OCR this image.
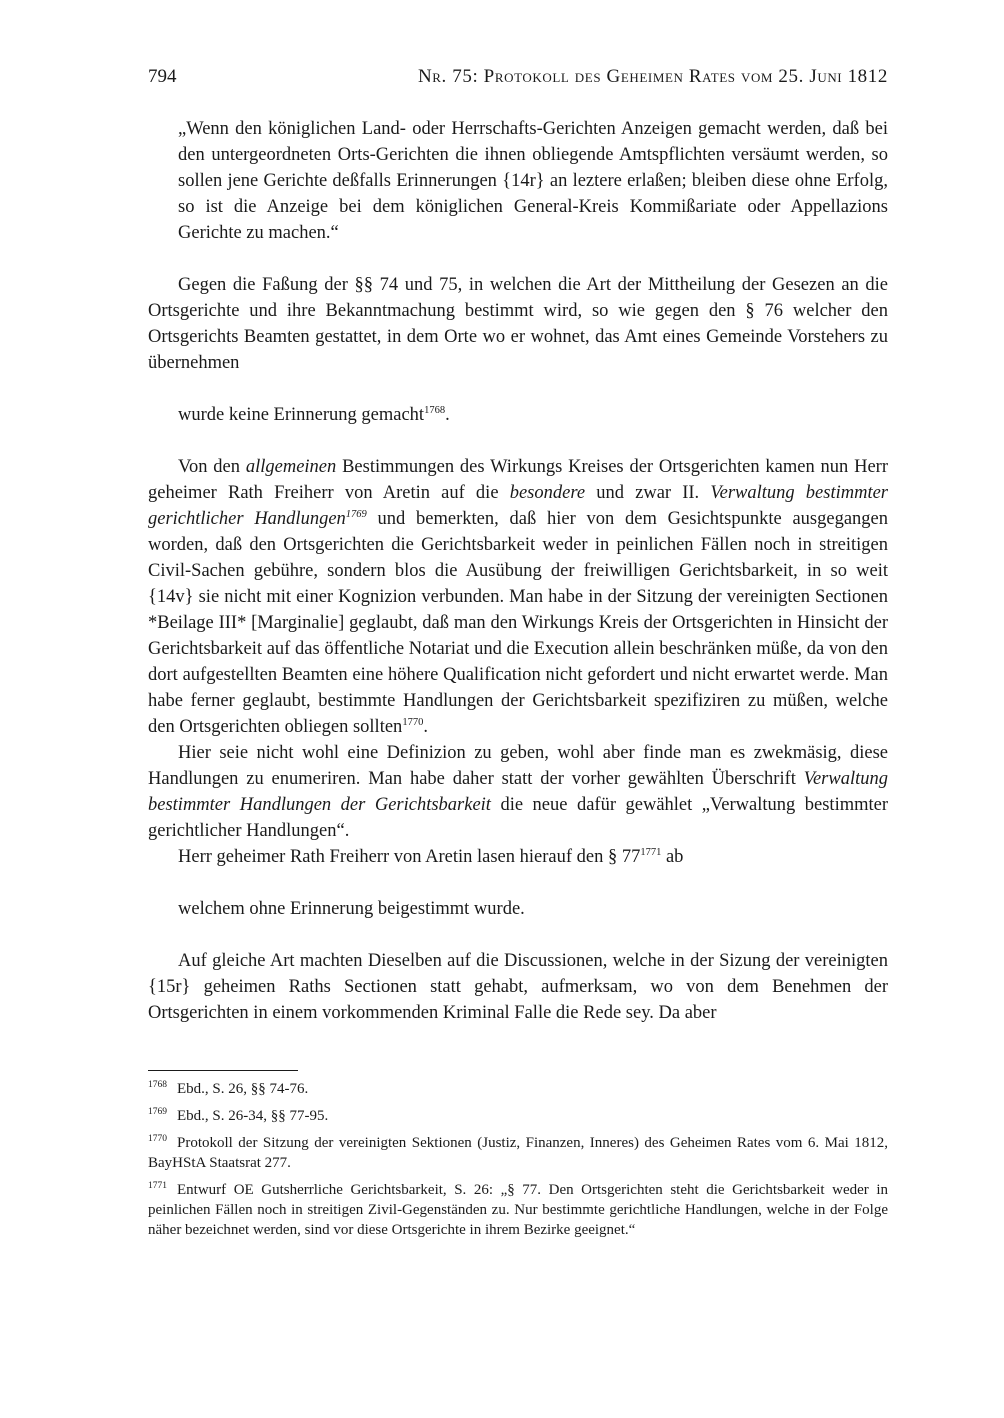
794	Nr. 75: Protokoll des Geheimen Rates vom 25. Juni 1812

„Wenn den königlichen Land- oder Herrschafts-Gerichten Anzeigen gemacht werden, daß bei den untergeordneten Orts-Gerichten die ihnen obliegende Amtspflichten versäumt werden, so sollen jene Gerichte deßfalls Erinnerungen {14r} an leztere erlaßen; bleiben diese ohne Erfolg, so ist die Anzeige bei dem königlichen General-Kreis Kommißariate oder Appellazions Gerichte zu machen.“

Gegen die Faßung der §§ 74 und 75, in welchen die Art der Mittheilung der Gesezen an die Ortsgerichte und ihre Bekanntmachung bestimmt wird, so wie gegen den § 76 welcher den Ortsgerichts Beamten gestattet, in dem Orte wo er wohnet, das Amt eines Gemeinde Vorstehers zu übernehmen

wurde keine Erinnerung gemacht$^{1768}$.

Von den allgemeinen Bestimmungen des Wirkungs Kreises der Ortsgerichten kamen nun Herr geheimer Rath Freiherr von Aretin auf die besondere und zwar II. Verwaltung bestimmter gerichtlicher Handlungen$^{1769}$ und bemerkten, daß hier von dem Gesichtspunkte ausgegangen worden, daß den Ortsgerichten die Gerichtsbarkeit weder in peinlichen Fällen noch in streitigen Civil-Sachen gebühre, sondern blos die Ausübung der freiwilligen Gerichtsbarkeit, in so weit {14v} sie nicht mit einer Kognizion verbunden. Man habe in der Sitzung der vereinigten Sectionen *Beilage III* [Marginalie] geglaubt, daß man den Wirkungs Kreis der Ortsgerichten in Hinsicht der Gerichtsbarkeit auf das öffentliche Notariat und die Execution allein beschränken müße, da von den dort aufgestellten Beamten eine höhere Qualification nicht gefordert und nicht erwartet werde. Man habe ferner geglaubt, bestimmte Handlungen der Gerichtsbarkeit spezifiziren zu müßen, welche den Ortsgerichten obliegen sollten$^{1770}$.

Hier seie nicht wohl eine Definizion zu geben, wohl aber finde man es zwekmäsig, diese Handlungen zu enumeriren. Man habe daher statt der vorher gewählten Überschrift Verwaltung bestimmter Handlungen der Gerichtsbarkeit die neue dafür gewählet „Verwaltung bestimmter gerichtlicher Handlungen“.

Herr geheimer Rath Freiherr von Aretin lasen hierauf den § $77^{1771}$ ab

welchem ohne Erinnerung beigestimmt wurde.

Auf gleiche Art machten Dieselben auf die Discussionen, welche in der Sizung der vereinigten {15r} geheimen Raths Sectionen statt gehabt, aufmerksam, wo von dem Benehmen der Ortsgerichten in einem vorkommenden Kriminal Falle die Rede sey. Da aber

$^{1768}$ Ebd., S. 26, §§ 74-76.

$^{1769}$ Ebd., S. 26-34, §§ 77-95.

$^{1770}$ Protokoll der Sitzung der vereinigten Sektionen (Justiz, Finanzen, Inneres) des Geheimen Rates vom 6. Mai 1812, BayHStA Staatsrat 277.

$^{1771}$ Entwurf OE Gutsherrliche Gerichtsbarkeit, S. 26: „§ 77. Den Ortsgerichten steht die Gerichtsbarkeit weder in peinlichen Fällen noch in streitigen Zivil-Gegenständen zu. Nur bestimmte gerichtliche Handlungen, welche in der Folge näher bezeichnet werden, sind vor diese Ortsgerichte in ihrem Bezirke geeignet.“
